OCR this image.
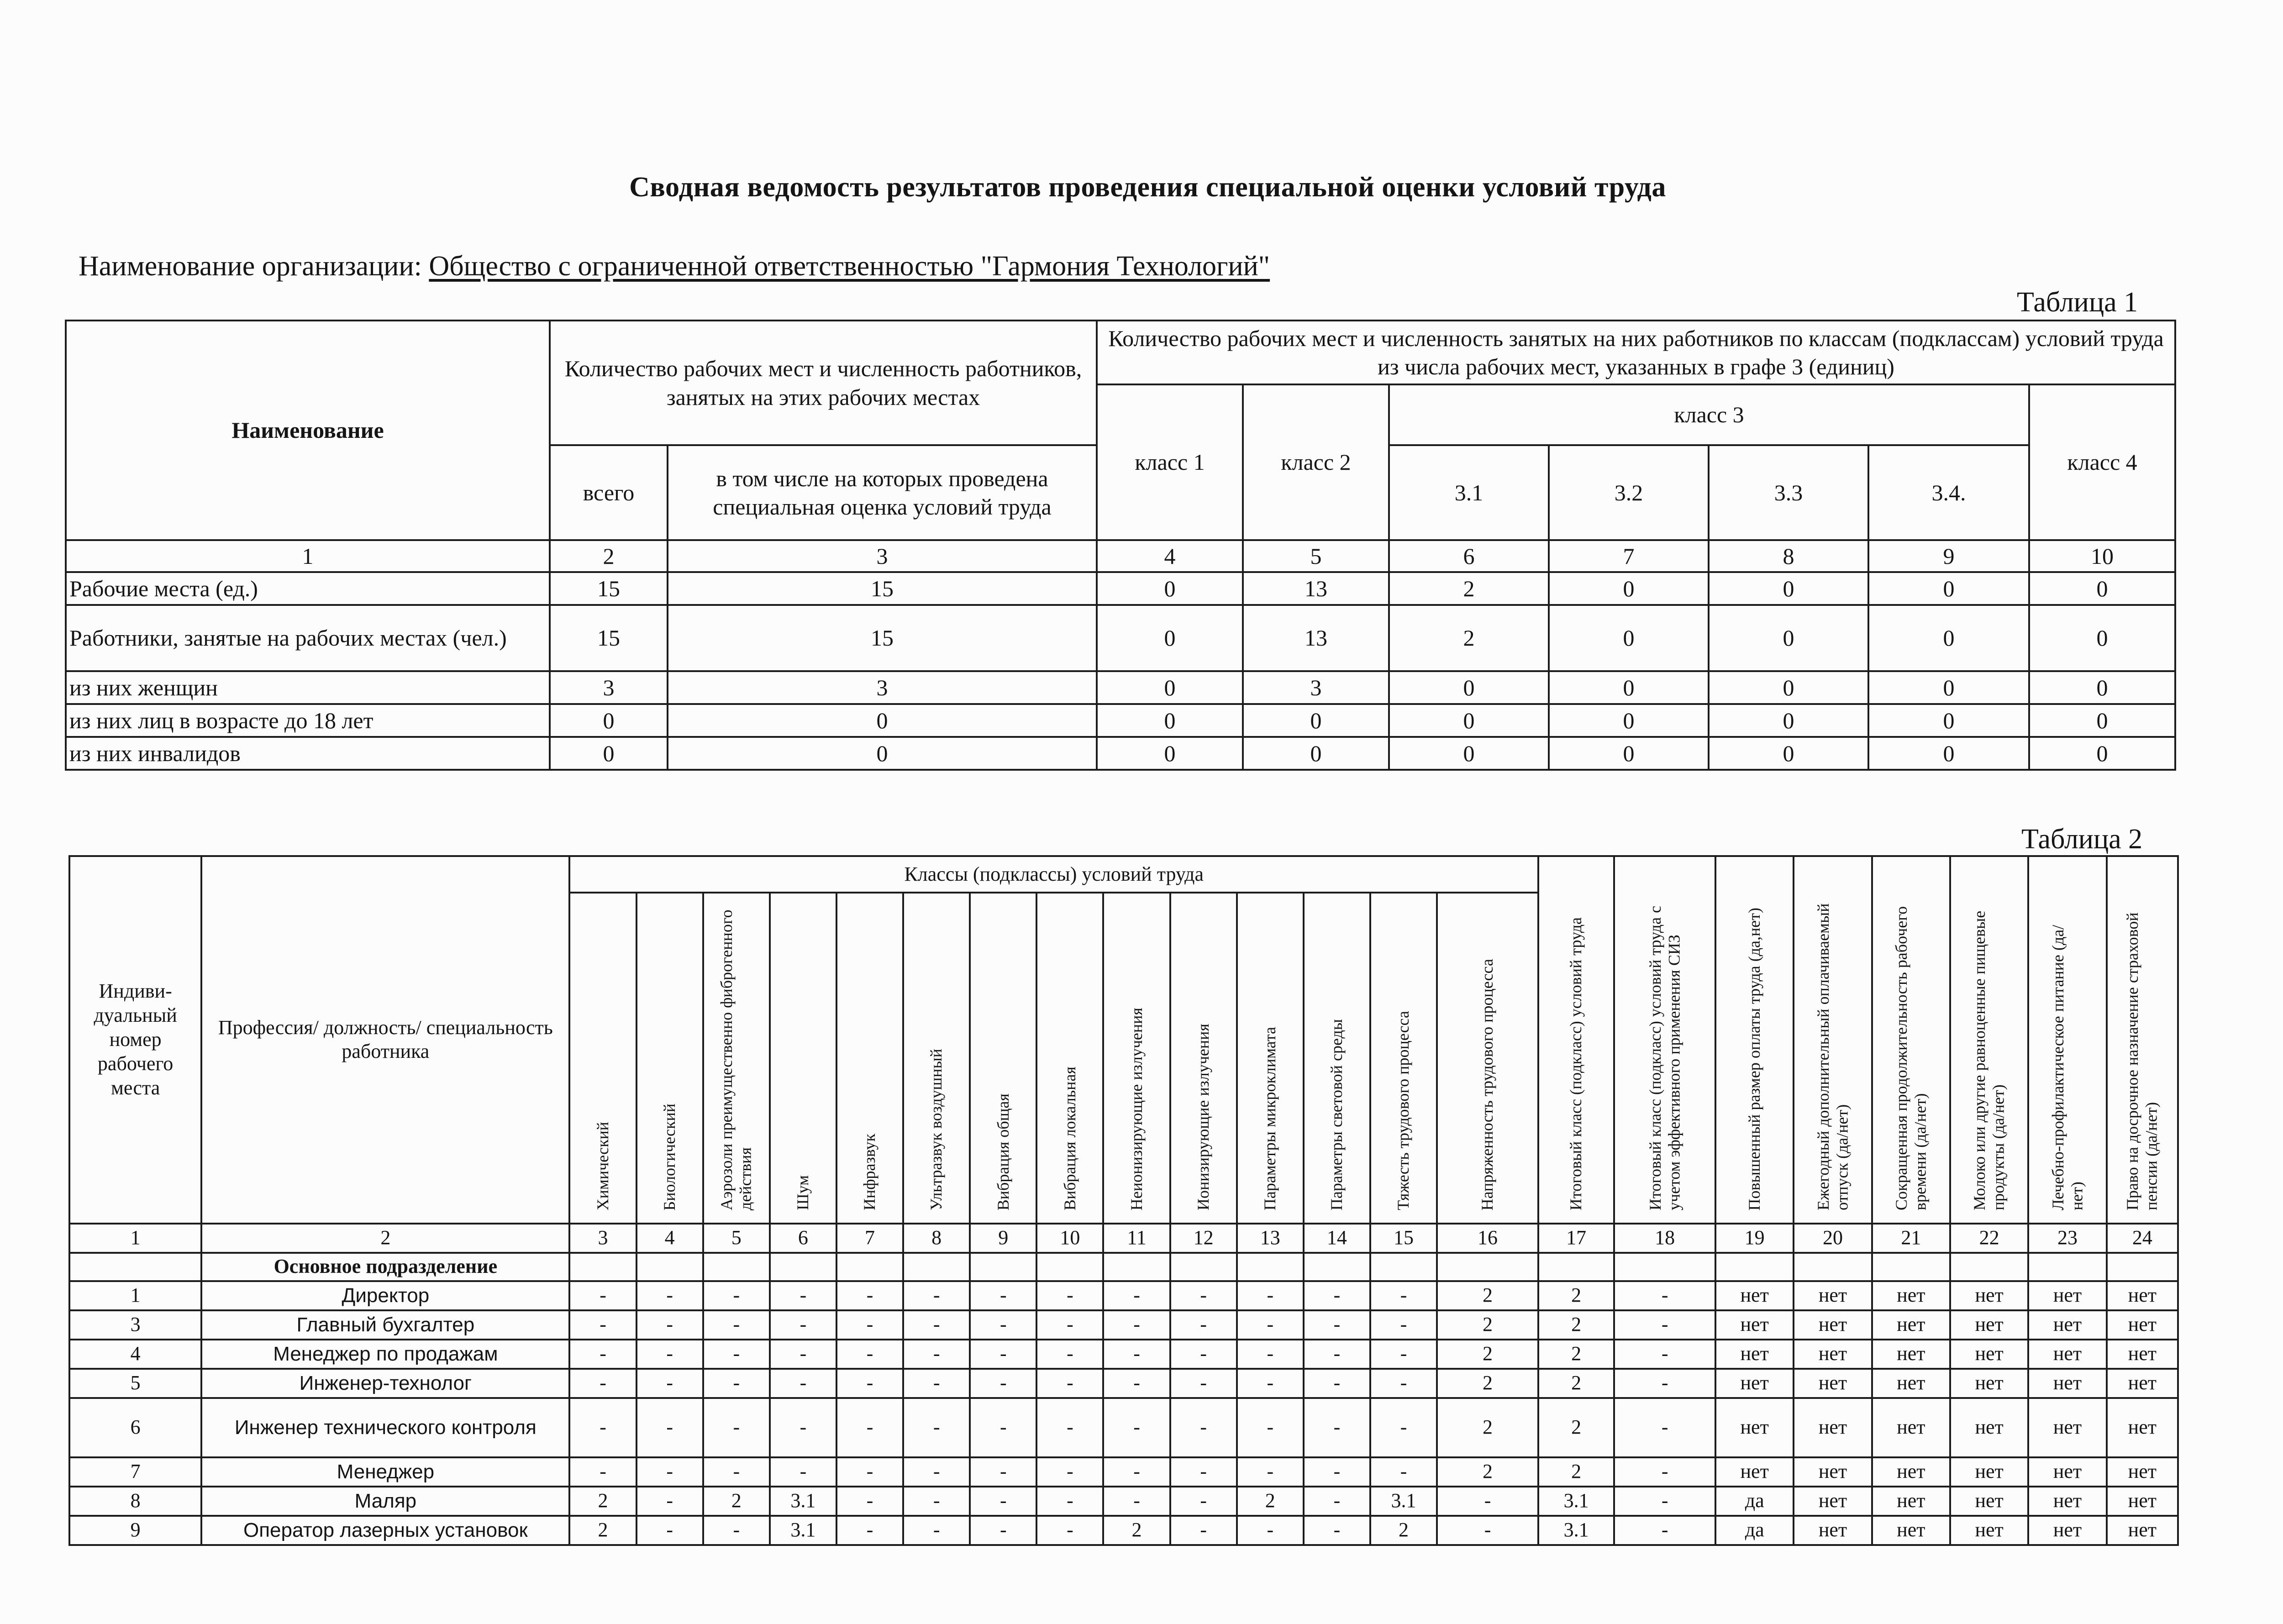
Сводная ведомость результатов проведения специальной оценки условий труда
Наименование организации: Общество с ограниченной ответственностью "Гармония Технологий"
Таблица 1
Наименование	Количество рабочих мест и численность работников, занятых на этих рабочих местах		Количество рабочих мест и численность занятых на них работников по классам (подклассам) условий труда из числа рабочих мест, указанных в графе 3 (единиц)						
			класс 1	класс 2	класс 3				класс 4
	всего	в том числе на которых проведена специальная оценка условий труда			3.1	3.2	3.3	3.4.	
1	2	3	4	5	6	7	8	9	10
Рабочие места (ед.)	15	15	0	13	2	0	0	0	0
Работники, занятые на рабочих местах (чел.)	15	15	0	13	2	0	0	0	0
из них женщин	3	3	0	3	0	0	0	0	0
из них лиц в возрасте до 18 лет	0	0	0	0	0	0	0	0	0
из них инвалидов	0	0	0	0	0	0	0	0	0
Таблица 2
Индиви-дуальный номер рабочего места	Профессия/ должность/ специальность работника	Классы (подклассы) условий труда														Итоговый класс (подкласс) условий труда	Итоговый класс (подкласс) условий труда с учетом эффективного применения СИЗ	Повышенный размер оплаты труда (да,нет)	Ежегодный дополнительный оплачиваемый отпуск (да/нет)	Сокращенная продолжительность рабочего времени (да/нет)	Молоко или другие равноценные пищевые продукты (да/нет)	Лечебно-профилактическое питание (да/нет)	Право на досрочное назначение страховой пенсии (да/нет)
		Химический	Биологический	Аэрозоли преимущественно фиброгенного действия	Шум	Инфразвук	Ультразвук воздушный	Вибрация общая	Вибрация локальная	Неионизирующие излучения	Ионизирующие излучения	Параметры микроклимата	Параметры световой среды	Тяжесть трудового процесса	Напряженность трудового процесса								
1	2	3	4	5	6	7	8	9	10	11	12	13	14	15	16	17	18	19	20	21	22	23	24
	Основное подразделение																						
1	Директор	-	-	-	-	-	-	-	-	-	-	-	-	-	2	2	-	нет	нет	нет	нет	нет	нет
3	Главный бухгалтер	-	-	-	-	-	-	-	-	-	-	-	-	-	2	2	-	нет	нет	нет	нет	нет	нет
4	Менеджер по продажам	-	-	-	-	-	-	-	-	-	-	-	-	-	2	2	-	нет	нет	нет	нет	нет	нет
5	Инженер-технолог	-	-	-	-	-	-	-	-	-	-	-	-	-	2	2	-	нет	нет	нет	нет	нет	нет
6	Инженер технического контроля	-	-	-	-	-	-	-	-	-	-	-	-	-	2	2	-	нет	нет	нет	нет	нет	нет
7	Менеджер	-	-	-	-	-	-	-	-	-	-	-	-	-	2	2	-	нет	нет	нет	нет	нет	нет
8	Маляр	2	-	2	3.1	-	-	-	-	-	-	2	-	3.1	-	3.1	-	да	нет	нет	нет	нет	нет
9	Оператор лазерных установок	2	-	-	3.1	-	-	-	-	2	-	-	-	2	-	3.1	-	да	нет	нет	нет	нет	нет
